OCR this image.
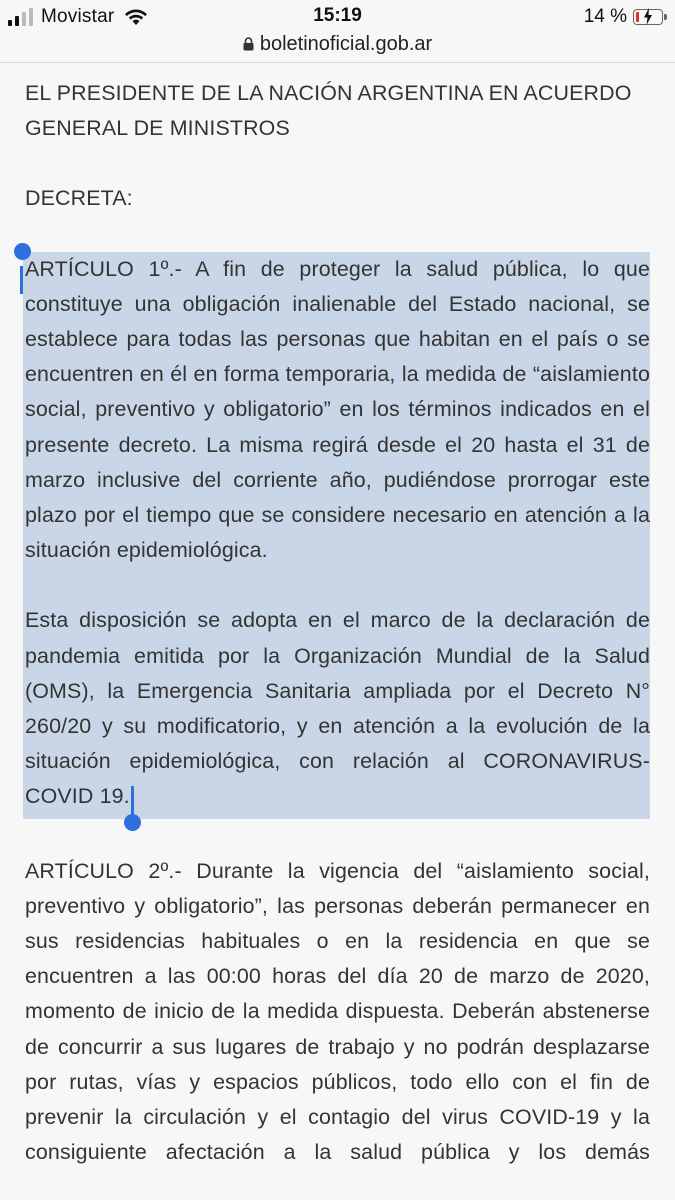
Movistar	15:19	14 %
boletinoficial.gob.ar

EL PRESIDENTE DE LA NACIÓN ARGENTINA EN ACUERDO GENERAL DE MINISTROS

DECRETA:

ARTÍCULO 1º.- A fin de proteger la salud pública, lo que constituye una obligación inalienable del Estado nacional, se establece para todas las personas que habitan en el país o se encuentren en él en forma temporaria, la medida de “aislamiento social, preventivo y obligatorio” en los términos indicados en el presente decreto. La misma regirá desde el 20 hasta el 31 de marzo inclusive del corriente año, pudiéndose prorrogar este plazo por el tiempo que se considere necesario en atención a la situación epidemiológica.

Esta disposición se adopta en el marco de la declaración de pandemia emitida por la Organización Mundial de la Salud (OMS), la Emergencia Sanitaria ampliada por el Decreto N° 260/20 y su modificatorio, y en atención a la evolución de la situación epidemiológica, con relación al CORONAVIRUS-COVID 19.

ARTÍCULO 2º.- Durante la vigencia del “aislamiento social, preventivo y obligatorio”, las personas deberán permanecer en sus residencias habituales o en la residencia en que se encuentren a las 00:00 horas del día 20 de marzo de 2020, momento de inicio de la medida dispuesta. Deberán abstenerse de concurrir a sus lugares de trabajo y no podrán desplazarse por rutas, vías y espacios públicos, todo ello con el fin de prevenir la circulación y el contagio del virus COVID-19 y la consiguiente afectación a la salud pública y los demás
